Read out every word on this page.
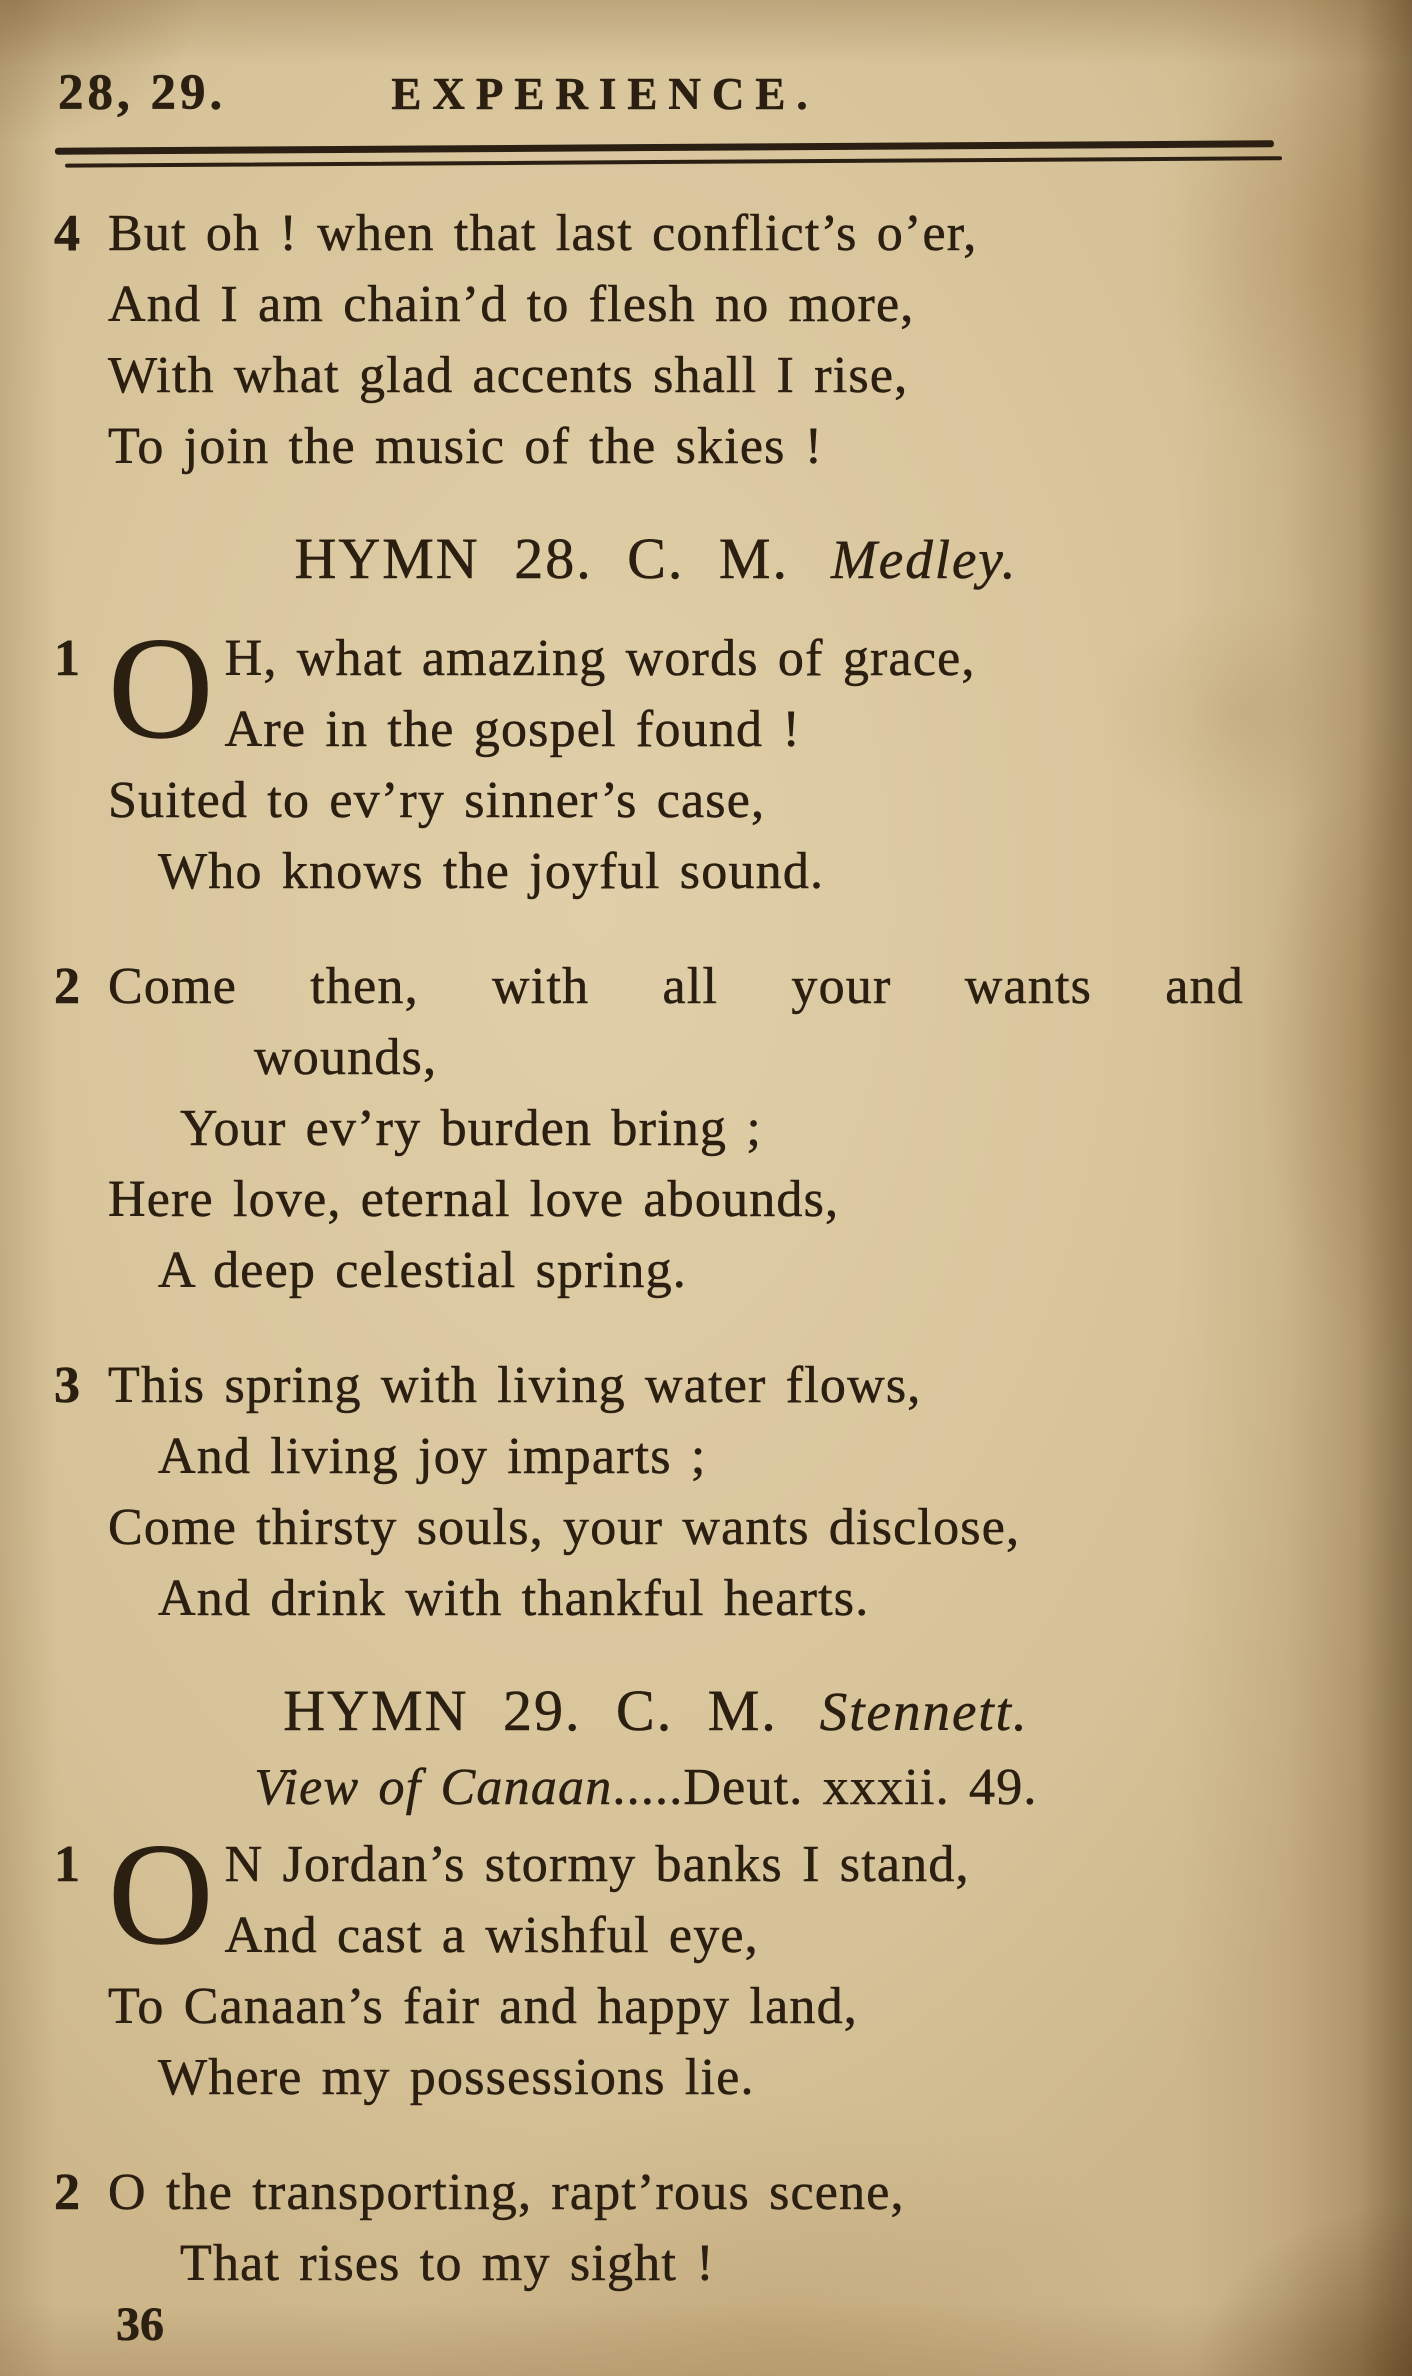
28, 29.	EXPERIENCE.
4 But oh ! when that last conflict’s o’er,

And I am chain’d to flesh no more,

With what glad accents shall I rise,

To join the music of the skies !

HYMN 28. C. M. Medley.
1 O H, what amazing words of grace,

Are in the gospel found !

Suited to ev’ry sinner’s case,

Who knows the joyful sound.

2 Come then, with all your wants and

wounds,

Your ev’ry burden bring ;

Here love, eternal love abounds,

A deep celestial spring.

3 This spring with living water flows,

And living joy imparts ;

Come thirsty souls, your wants disclose,

And drink with thankful hearts.

HYMN 29. C. M. Stennett.

View of Canaan.....Deut. xxxii. 49.

1 O N Jordan’s stormy banks I stand,

And cast a wishful eye,

To Canaan’s fair and happy land,

Where my possessions lie.

2 O the transporting, rapt’rous scene,

That rises to my sight !

36
